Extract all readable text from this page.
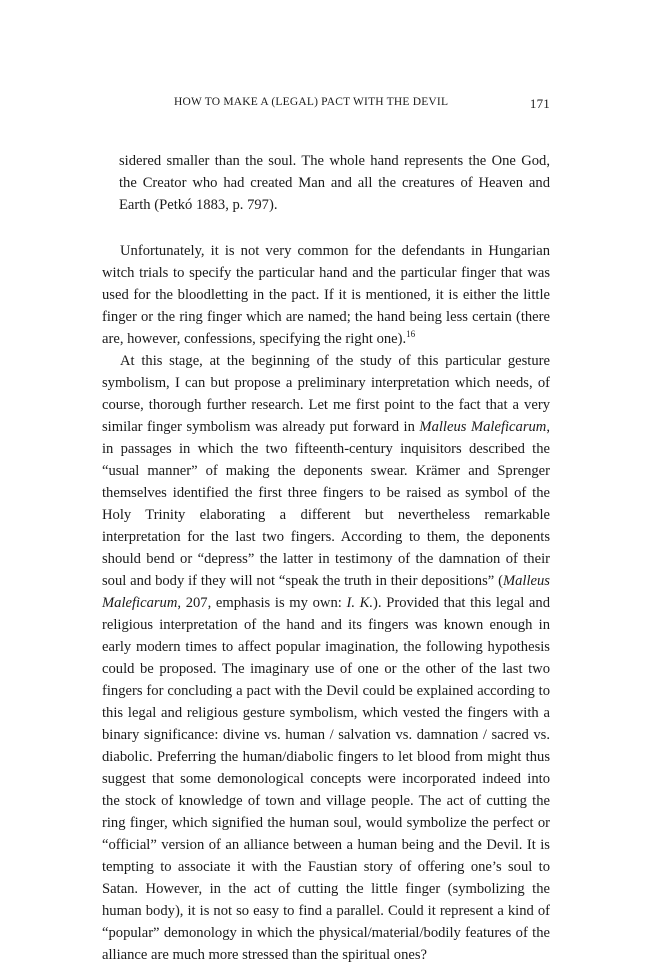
HOW TO MAKE A (LEGAL) PACT WITH THE DEVIL	171

sidered smaller than the soul. The whole hand represents the One God, the Creator who had created Man and all the creatures of Heaven and Earth (Petkó 1883, p. 797).

Unfortunately, it is not very common for the defendants in Hungarian witch trials to specify the particular hand and the particular finger that was used for the bloodletting in the pact. If it is mentioned, it is either the little finger or the ring finger which are named; the hand being less certain (there are, however, confessions, specifying the right one).$^{16}$

At this stage, at the beginning of the study of this particular gesture symbolism, I can but propose a preliminary interpretation which needs, of course, thorough further research. Let me first point to the fact that a very similar finger symbolism was already put forward in Malleus Maleficarum, in passages in which the two fifteenth-century inquisitors described the “usual manner” of making the deponents swear. Krämer and Sprenger themselves identified the first three fingers to be raised as symbol of the Holy Trinity elaborating a different but nevertheless remarkable interpretation for the last two fingers. According to them, the deponents should bend or “depress” the latter in testimony of the damnation of their soul and body if they will not “speak the truth in their depositions” (Malleus Maleficarum, 207, emphasis is my own: I. K.). Provided that this legal and religious interpretation of the hand and its fingers was known enough in early modern times to affect popular imagination, the following hypothesis could be proposed. The imaginary use of one or the other of the last two fingers for concluding a pact with the Devil could be explained according to this legal and religious gesture symbolism, which vested the fingers with a binary significance: divine vs. human / salvation vs. damnation / sacred vs. diabolic. Preferring the human/diabolic fingers to let blood from might thus suggest that some demonological concepts were incorporated indeed into the stock of knowledge of town and village people. The act of cutting the ring finger, which signified the human soul, would symbolize the perfect or “official” version of an alliance between a human being and the Devil. It is tempting to associate it with the Faustian story of offering one’s soul to Satan. However, in the act of cutting the little finger (symbolizing the human body), it is not so easy to find a parallel. Could it represent a kind of “popular” demonology in which the physical/material/bodily features of the alliance are much more stressed than the spiritual ones?
